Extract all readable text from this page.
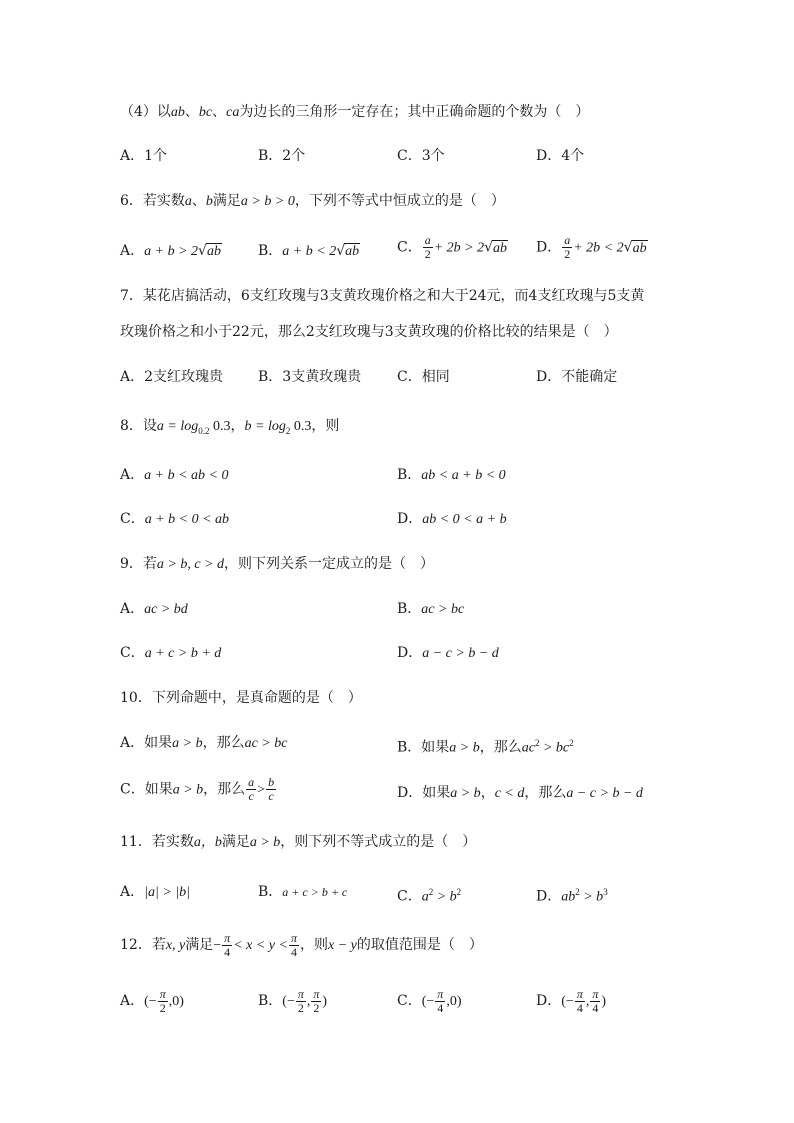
（4）以ab、bc、ca为边长的三角形一定存在；其中正确命题的个数为（　）
A．1个	B．2个	C．3个	D．4个
6．若实数a、b满足a > b > 0，下列不等式中恒成立的是（　）
A．a + b > 2√ab	B．a + b < 2√ab	C． $\frac{a}{2} + 2b > 2√ab$ D． $\frac{a}{2} + 2b < 2√ab$
7．某花店搞活动，6支红玫瑰与3支黄玫瑰价格之和大于24元，而4支红玫瑰与5支黄
玫瑰价格之和小于22元，那么2支红玫瑰与3支黄玫瑰的价格比较的结果是（　）
A．2支红玫瑰贵 B．3支黄玫瑰贵	C．相同	D．不能确定
8．设$a = \log_{0.2} 0.3$，$b = \log_2 0.3$，则
A．a + b < ab < 0	B．ab < a + b < 0
C．a + b < 0 < ab	D．ab < 0 < a + b
9．若a > b, c > d，则下列关系一定成立的是（　）
A．ac > bd	B．ac > bc
C．a + c > b + d	D．a − c > b − d
10．下列命题中，是真命题的是（　）
A．如果a > b，那么ac > bc	B．如果a > b，那么$ac^2 > bc^2$
C．如果a > b，那么 $\frac{a}{c} > \frac{b}{c}$	D．如果a > b，c < d，那么a − c > b − d
11．若实数a，b满足a > b，则下列不等式成立的是（　）
A．|a| > |b|	B．a + c > b + c	C．$a^2 > b^2$	D．$ab^2 > b^3$
12．若x, y满足− $\frac{\pi}{4} < x < y < \frac{\pi}{4}$ ，则x − y的取值范围是（　）
A．(− $\frac{\pi}{2} ,0$)	B．(− $\frac{\pi}{2}$ , $\frac{\pi}{2}$ )	C．(− $\frac{\pi}{4} ,0$)	D．(− $\frac{\pi}{4}$ , $\frac{\pi}{4}$ )
